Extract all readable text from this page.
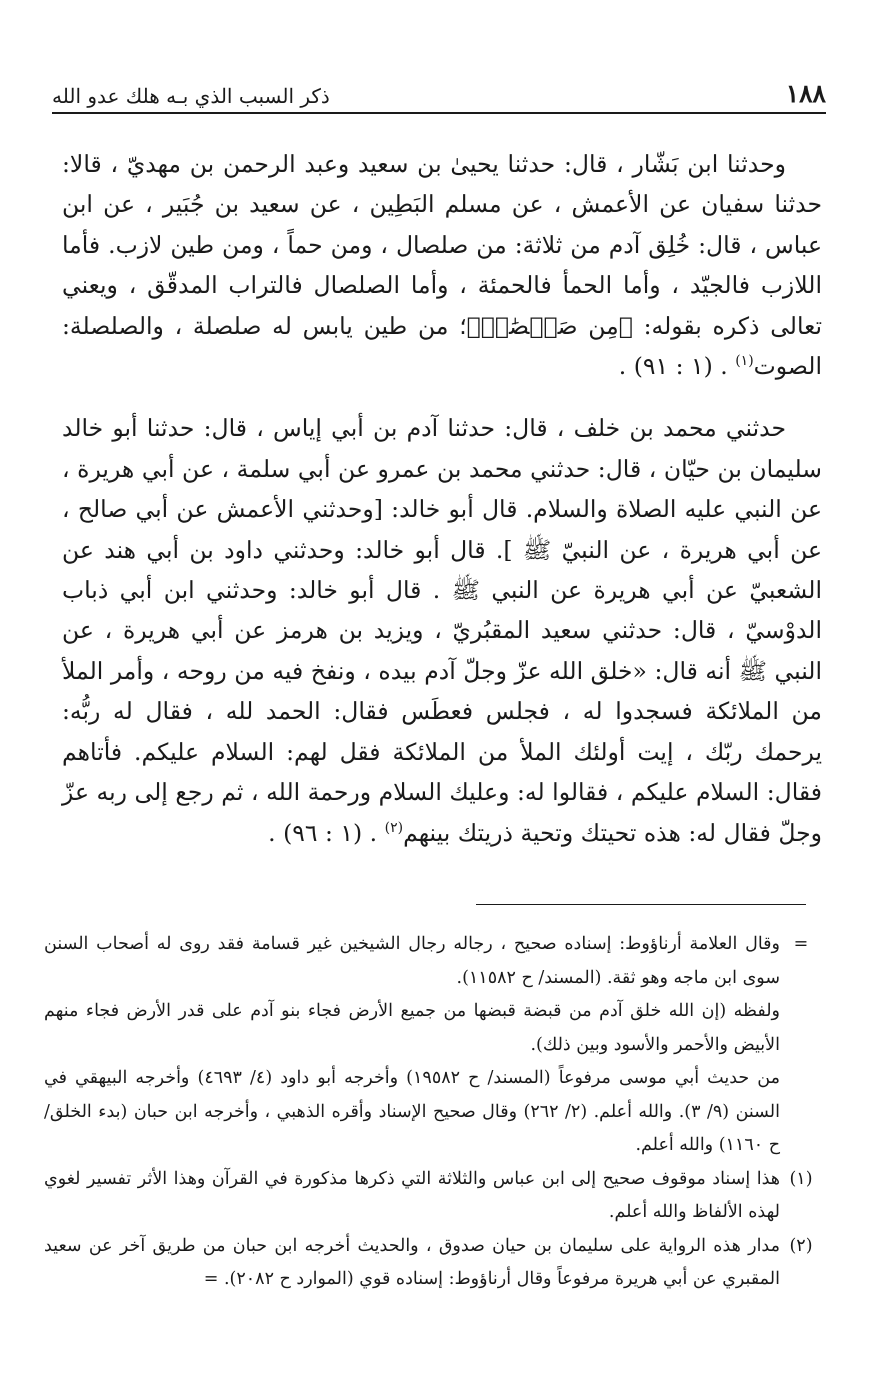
١٨٨
ذكر السبب الذي بـه هلك عدو الله

وحدثنا ابن بَشّار ، قال: حدثنا يحيىٰ بن سعيد وعبد الرحمن بن مهديّ ، قالا: حدثنا سفيان عن الأعمش ، عن مسلم البَطِين ، عن سعيد بن جُبَير ، عن ابن عباس ، قال: خُلِق آدم من ثلاثة: من صلصال ، ومن حماً ، ومن طين لازب. فأما اللازب فالجيّد ، وأما الحمأ فالحمئة ، وأما الصلصال فالتراب المدقّق ، ويعني تعالى ذكره بقوله: ﴿مِن صَلۡصَٰلٖ﴾؛ من طين يابس له صلصلة ، والصلصلة: الصوت$^{(١)}$ . (١ : ٩١) .

حدثني محمد بن خلف ، قال: حدثنا آدم بن أبي إياس ، قال: حدثنا أبو خالد سليمان بن حيّان ، قال: حدثني محمد بن عمرو عن أبي سلمة ، عن أبي هريرة ، عن النبي عليه الصلاة والسلام. قال أبو خالد: [وحدثني الأعمش عن أبي صالح ، عن أبي هريرة ، عن النبيّ ﷺ ]. قال أبو خالد: وحدثني داود بن أبي هند عن الشعبيّ عن أبي هريرة عن النبي ﷺ . قال أبو خالد: وحدثني ابن أبي ذباب الدوْسيّ ، قال: حدثني سعيد المقبُريّ ، ويزيد بن هرمز عن أبي هريرة ، عن النبي ﷺ أنه قال: «خلق الله عزّ وجلّ آدم بيده ، ونفخ فيه من روحه ، وأمر الملأ من الملائكة فسجدوا له ، فجلس فعطَس فقال: الحمد لله ، فقال له ربُّه: يرحمك ربّك ، إيت أولئك الملأ من الملائكة فقل لهم: السلام عليكم. فأتاهم فقال: السلام عليكم ، فقالوا له: وعليك السلام ورحمة الله ، ثم رجع إلى ربه عزّ وجلّ فقال له: هذه تحيتك وتحية ذريتك بينهم$^{(٢)}$ . (١ : ٩٦) .

=
وقال العلامة أرناؤوط: إسناده صحيح ، رجاله رجال الشيخين غير قسامة فقد روى له أصحاب السنن سوى ابن ماجه وهو ثقة. (المسند/ ح ١١٥٨٢).
ولفظه (إن الله خلق آدم من قبضة قبضها من جميع الأرض فجاء بنو آدم على قدر الأرض فجاء منهم الأبيض والأحمر والأسود وبين ذلك).
من حديث أبي موسى مرفوعاً (المسند/ ح ١٩٥٨٢) وأخرجه أبو داود (٤/ ٤٦٩٣) وأخرجه البيهقي في السنن (٩/ ٣). والله أعلم. (٢/ ٢٦٢) وقال صحيح الإسناد وأقره الذهبي ، وأخرجه ابن حبان (بدء الخلق/ ح ١١٦٠) والله أعلم.
(١)
هذا إسناد موقوف صحيح إلى ابن عباس والثلاثة التي ذكرها مذكورة في القرآن وهذا الأثر تفسير لغوي لهذه الألفاظ والله أعلم.
(٢)
مدار هذه الرواية على سليمان بن حيان صدوق ، والحديث أخرجه ابن حبان من طريق آخر عن سعيد المقبري عن أبي هريرة مرفوعاً وقال أرناؤوط: إسناده قوي (الموارد ح ٢٠٨٢). =
